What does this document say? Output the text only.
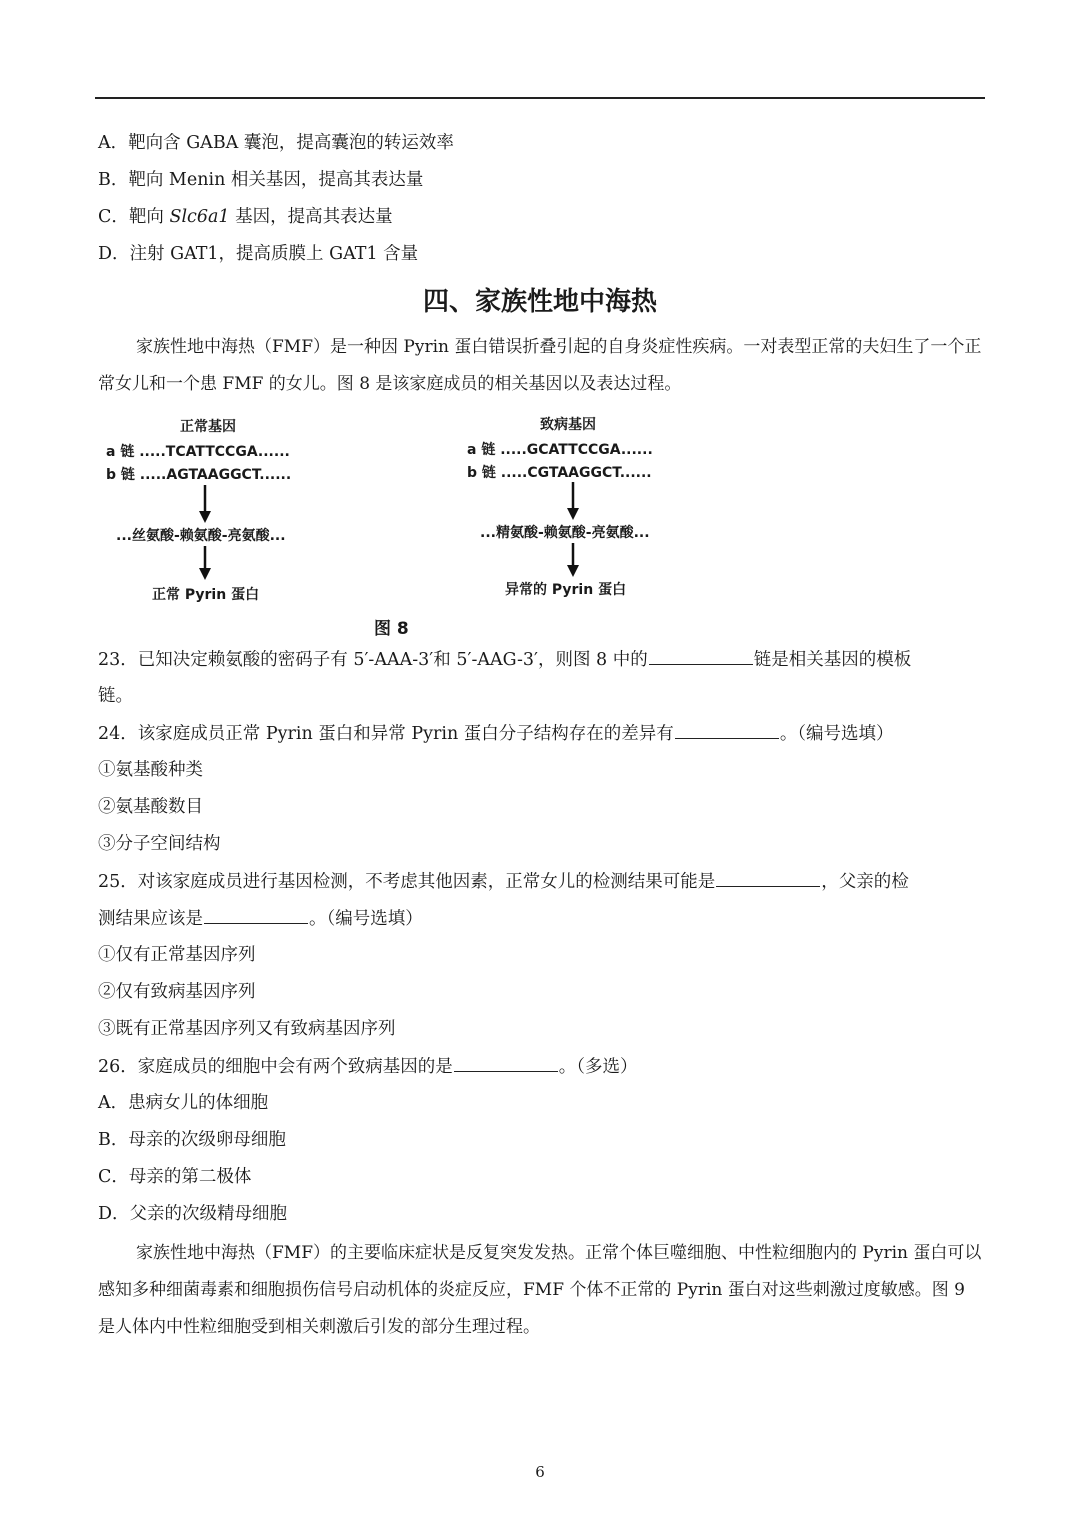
A．靶向含 GABA 囊泡，提高囊泡的转运效率
B．靶向 Menin 相关基因，提高其表达量
C．靶向 Slc6a1 基因，提高其表达量
D．注射 GAT1，提高质膜上 GAT1 含量
四、家族性地中海热
家族性地中海热（FMF）是一种因 Pyrin 蛋白错误折叠引起的自身炎症性疾病。一对表型正常的夫妇生了一个正常女儿和一个患 FMF 的女儿。图 8 是该家庭成员的相关基因以及表达过程。
正常基因
a 链 .....TCATTCCGA......
b 链 .....AGTAAGGCT......
...丝氨酸-赖氨酸-亮氨酸...
正常 Pyrin 蛋白
致病基因
a 链 .....GCATTCCGA......
b 链 .....CGTAAGGCT......
...精氨酸-赖氨酸-亮氨酸...
异常的 Pyrin 蛋白
图 8
23．已知决定赖氨酸的密码子有 5′-AAA-3′和 5′-AAG-3′，则图 8 中的	链是相关基因的模板
链。
24．该家庭成员正常 Pyrin 蛋白和异常 Pyrin 蛋白分子结构存在的差异有	。（编号选填）
①氨基酸种类
②氨基酸数目
③分子空间结构
25．对该家庭成员进行基因检测，不考虑其他因素，正常女儿的检测结果可能是	，父亲的检
测结果应该是	。（编号选填）
①仅有正常基因序列
②仅有致病基因序列
③既有正常基因序列又有致病基因序列
26．家庭成员的细胞中会有两个致病基因的是	。（多选）
A．患病女儿的体细胞
B．母亲的次级卵母细胞
C．母亲的第二极体
D．父亲的次级精母细胞
家族性地中海热（FMF）的主要临床症状是反复突发发热。正常个体巨噬细胞、中性粒细胞内的 Pyrin 蛋白可以感知多种细菌毒素和细胞损伤信号启动机体的炎症反应，FMF 个体不正常的 Pyrin 蛋白对这些刺激过度敏感。图 9 是人体内中性粒细胞受到相关刺激后引发的部分生理过程。
6
